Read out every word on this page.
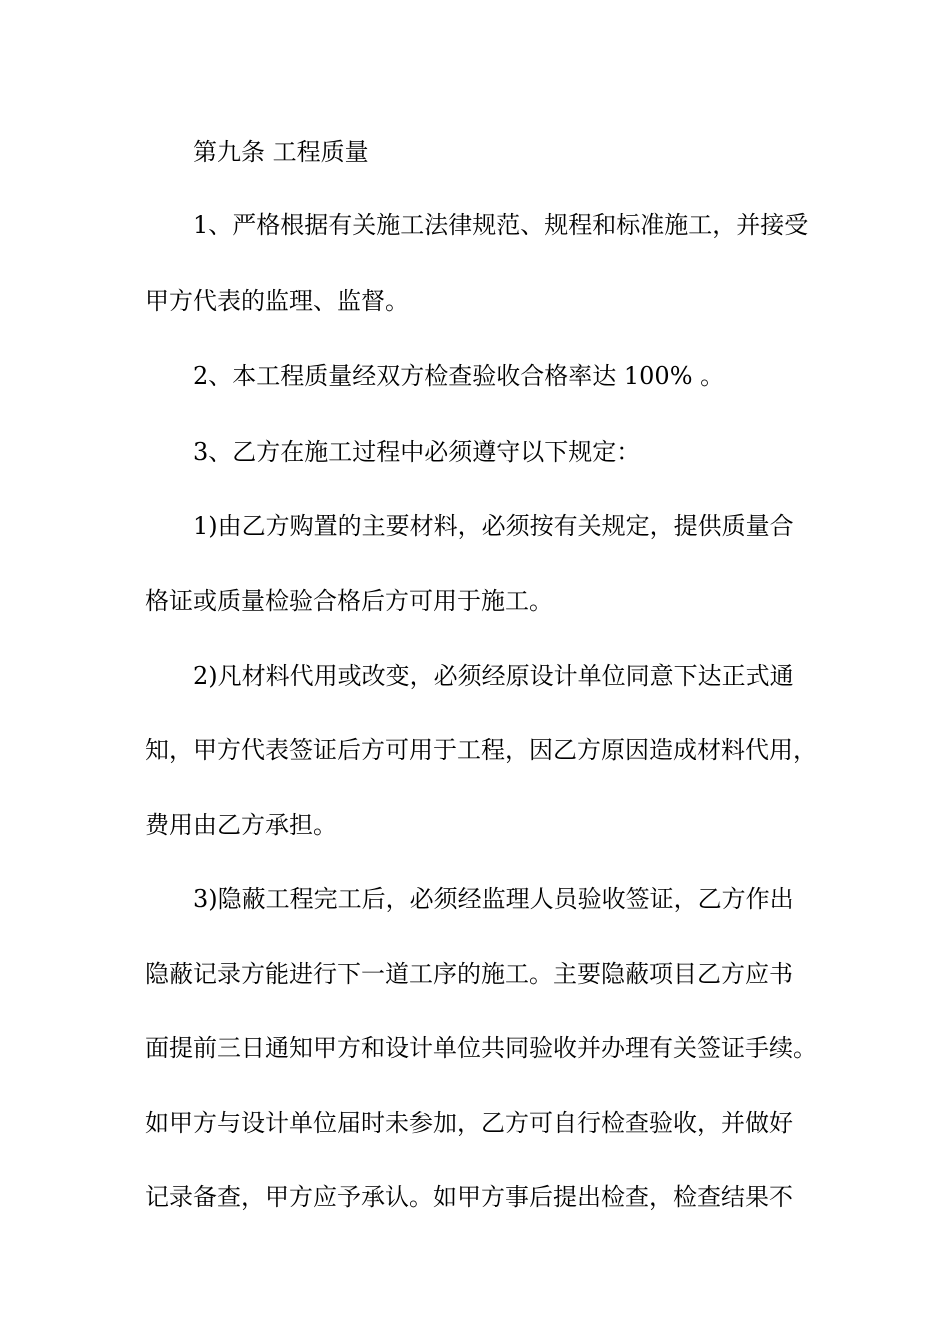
第九条 工程质量
1、严格根据有关施工法律规范、规程和标准施工，并接受
甲方代表的监理、监督。
2、本工程质量经双方检查验收合格率达 100% 。
3、乙方在施工过程中必须遵守以下规定：
1)由乙方购置的主要材料，必须按有关规定，提供质量合
格证或质量检验合格后方可用于施工。
2)凡材料代用或改变，必须经原设计单位同意下达正式通
知，甲方代表签证后方可用于工程，因乙方原因造成材料代用，
费用由乙方承担。
3)隐蔽工程完工后，必须经监理人员验收签证，乙方作出
隐蔽记录方能进行下一道工序的施工。主要隐蔽项目乙方应书
面提前三日通知甲方和设计单位共同验收并办理有关签证手续。
如甲方与设计单位届时未参加，乙方可自行检查验收，并做好
记录备查，甲方应予承认。如甲方事后提出检查，检查结果不
